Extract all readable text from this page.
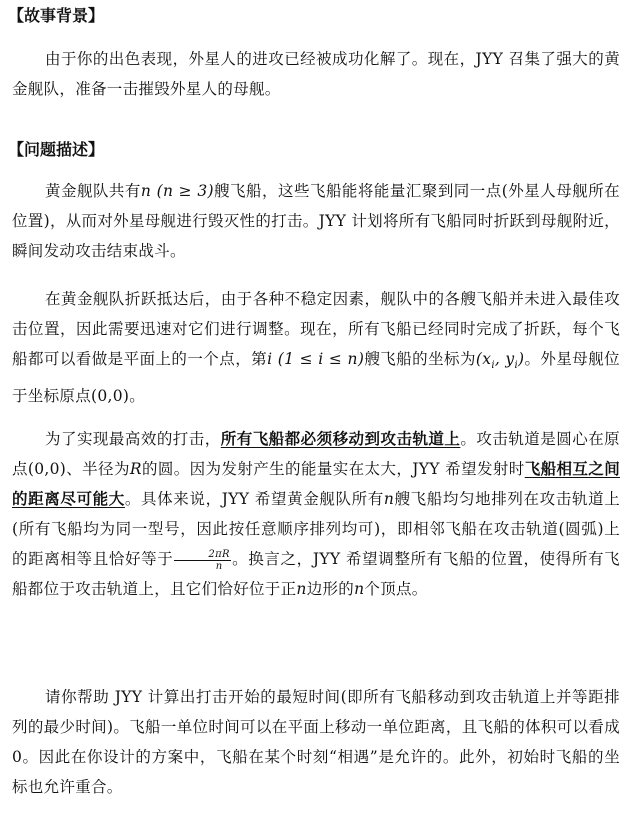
【故事背景】

由于你的出色表现，外星人的进攻已经被成功化解了。现在，JYY 召集了强大的黄金舰队，准备一击摧毁外星人的母舰。

【问题描述】

黄金舰队共有n (n ≥ 3)艘飞船，这些飞船能将能量汇聚到同一点(外星人母舰所在位置)，从而对外星母舰进行毁灭性的打击。JYY 计划将所有飞船同时折跃到母舰附近，瞬间发动攻击结束战斗。

在黄金舰队折跃抵达后，由于各种不稳定因素，舰队中的各艘飞船并未进入最佳攻击位置，因此需要迅速对它们进行调整。现在，所有飞船已经同时完成了折跃，每个飞船都可以看做是平面上的一个点，第i (1 ≤ i ≤ n)艘飞船的坐标为($x_i$, $y_i$)。外星母舰位于坐标原点(0,0)。

为了实现最高效的打击，所有飞船都必须移动到攻击轨道上。攻击轨道是圆心在原点(0,0)、半径为R的圆。因为发射产生的能量实在太大，JYY 希望发射时飞船相互之间的距离尽可能大。具体来说，JYY 希望黄金舰队所有n艘飞船均匀地排列在攻击轨道上(所有飞船均为同一型号，因此按任意顺序排列均可)，即相邻飞船在攻击轨道(圆弧)上的距离相等且恰好等于 $\frac{2\pi R}{n}$ 。换言之，JYY 希望调整所有飞船的位置，使得所有飞船都位于攻击轨道上，且它们恰好位于正n边形的n个顶点。

请你帮助 JYY 计算出打击开始的最短时间(即所有飞船移动到攻击轨道上并等距排列的最少时间)。飞船一单位时间可以在平面上移动一单位距离，且飞船的体积可以看成 0。因此在你设计的方案中，飞船在某个时刻“相遇”是允许的。此外，初始时飞船的坐标也允许重合。
